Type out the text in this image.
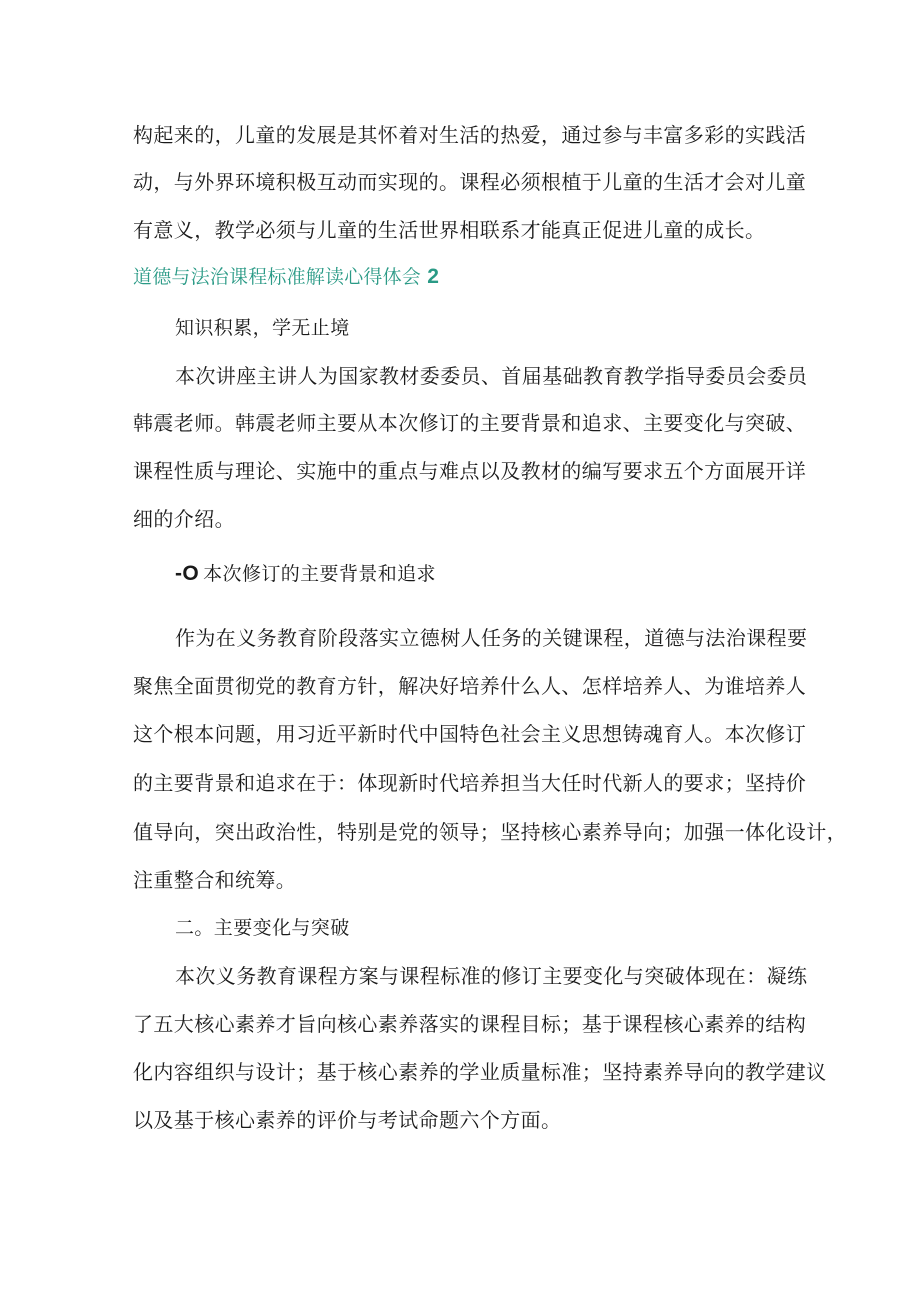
构起来的，儿童的发展是其怀着对生活的热爱，通过参与丰富多彩的实践活
动，与外界环境积极互动而实现的。课程必须根植于儿童的生活才会对儿童
有意义，教学必须与儿童的生活世界相联系才能真正促进儿童的成长。
道德与法治课程标准解读心得体会 2
知识积累，学无止境
本次讲座主讲人为国家教材委委员、首届基础教育教学指导委员会委员
韩震老师。韩震老师主要从本次修订的主要背景和追求、主要变化与突破、
课程性质与理论、实施中的重点与难点以及教材的编写要求五个方面展开详
细的介绍。
-O 本次修订的主要背景和追求
作为在义务教育阶段落实立德树人任务的关键课程，道德与法治课程要
聚焦全面贯彻党的教育方针，解决好培养什么人、怎样培养人、为谁培养人
这个根本问题，用习近平新时代中国特色社会主义思想铸魂育人。本次修订
的主要背景和追求在于：体现新时代培养担当大任时代新人的要求；坚持价
值导向，突出政治性，特别是党的领导；坚持核心素养导向；加强一体化设计，
注重整合和统筹。
二。主要变化与突破
本次义务教育课程方案与课程标准的修订主要变化与突破体现在：凝练
了五大核心素养才旨向核心素养落实的课程目标；基于课程核心素养的结构
化内容组织与设计；基于核心素养的学业质量标准；坚持素养导向的教学建议
以及基于核心素养的评价与考试命题六个方面。
